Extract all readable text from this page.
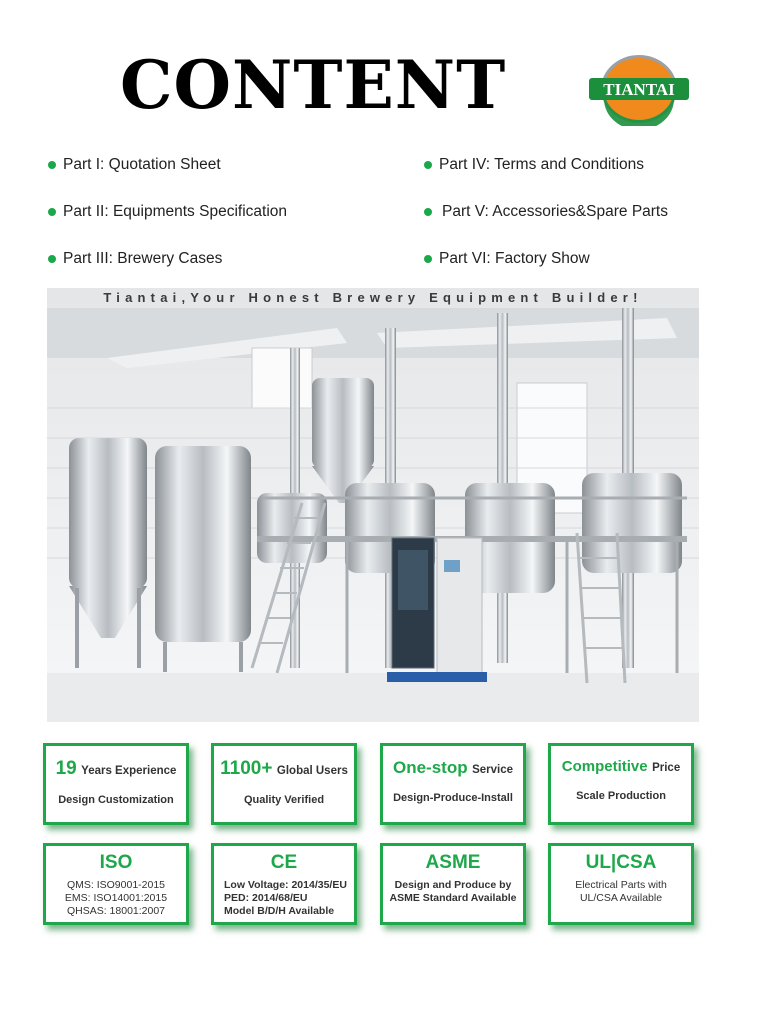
CONTENT	TIANTAI
Part I: Quotation Sheet
Part II: Equipments Specification
Part III: Brewery Cases
Part IV: Terms and Conditions
Part V: Accessories&Spare Parts
Part VI: Factory Show
Tiantai,Your Honest Brewery Equipment Builder!
19 Years Experience
Design Customization
1100+ Global Users
Quality Verified
One-stop Service
Design-Produce-Install
Competitive Price
Scale Production
ISO
QMS: ISO9001-2015
EMS: ISO14001:2015
QHSAS: 18001:2007
CE
Low Voltage: 2014/35/EU
PED: 2014/68/EU
Model B/D/H Available
ASME
Design and Produce by
ASME Standard Available
UL|CSA
Electrical Parts with
UL/CSA Available
